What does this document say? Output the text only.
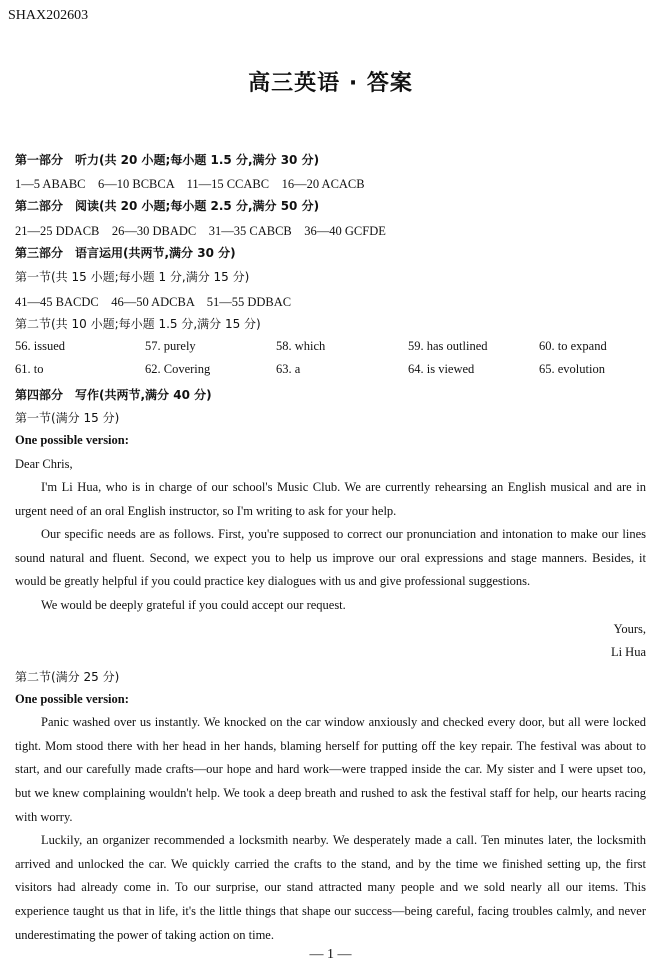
SHAX202603
高三英语 · 答案
第一部分　听力(共 20 小题;每小题 1.5 分,满分 30 分)
1—5 ABABC　6—10 BCBCA　11—15 CCABC　16—20 ACACB
第二部分　阅读(共 20 小题;每小题 2.5 分,满分 50 分)
21—25 DDACB　26—30 DBADC　31—35 CABCB　36—40 GCFDE
第三部分　语言运用(共两节,满分 30 分)
第一节(共 15 小题;每小题 1 分,满分 15 分)
41—45 BACDC　46—50 ADCBA　51—55 DDBAC
第二节(共 10 小题;每小题 1.5 分,满分 15 分)
56. issued	57. purely	58. which	59. has outlined	60. to expand
61. to	62. Covering	63. a	64. is viewed	65. evolution
第四部分　写作(共两节,满分 40 分)
第一节(满分 15 分)
One possible version:
Dear Chris,

I'm Li Hua, who is in charge of our school's Music Club. We are currently rehearsing an English musical and are in urgent need of an oral English instructor, so I'm writing to ask for your help.

Our specific needs are as follows. First, you're supposed to correct our pronunciation and intonation to make our lines sound natural and fluent. Second, we expect you to help us improve our oral expressions and stage manners. Besides, it would be greatly helpful if you could practice key dialogues with us and give professional suggestions.

We would be deeply grateful if you could accept our request.

Yours,
Li Hua
第二节(满分 25 分)
One possible version:

Panic washed over us instantly. We knocked on the car window anxiously and checked every door, but all were locked tight. Mom stood there with her head in her hands, blaming herself for putting off the key repair. The festival was about to start, and our carefully made crafts—our hope and hard work—were trapped inside the car. My sister and I were upset too, but we knew complaining wouldn't help. We took a deep breath and rushed to ask the festival staff for help, our hearts racing with worry.

Luckily, an organizer recommended a locksmith nearby. We desperately made a call. Ten minutes later, the locksmith arrived and unlocked the car. We quickly carried the crafts to the stand, and by the time we finished setting up, the first visitors had already come in. To our surprise, our stand attracted many people and we sold nearly all our items. This experience taught us that in life, it's the little things that shape our success—being careful, facing troubles calmly, and never underestimating the power of taking action on time.

— 1 —
